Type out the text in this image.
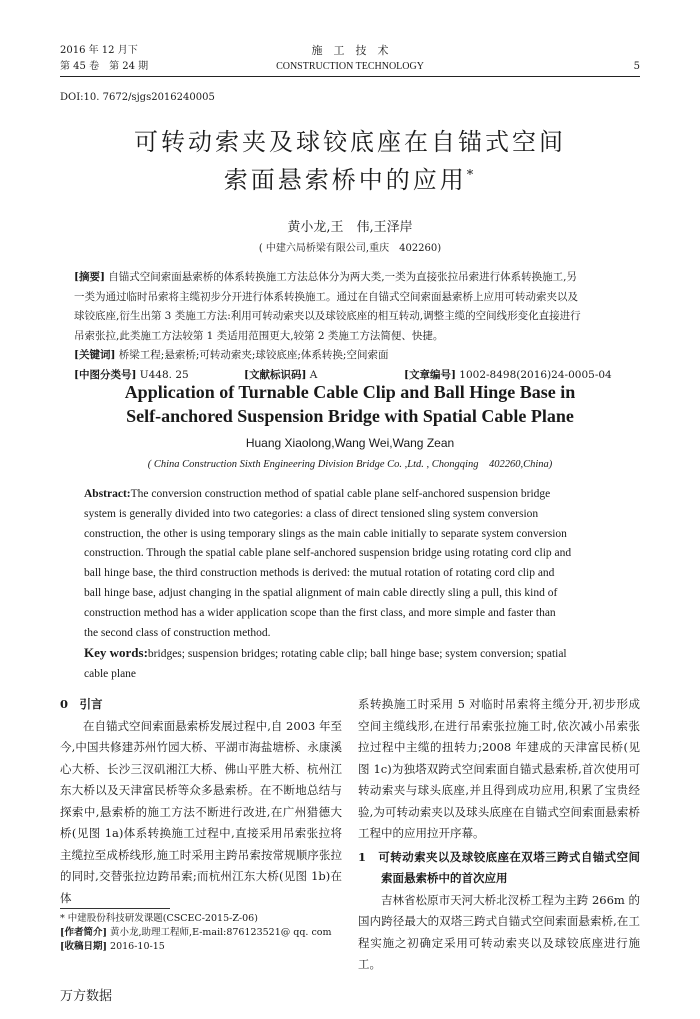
2016 年 12 月下
第 45 卷　第 24 期
施　工　技　术
CONSTRUCTION TECHNOLOGY	5
DOI:10. 7672/sjgs2016240005
可转动索夹及球铰底座在自锚式空间
索面悬索桥中的应用*
黄小龙,王　伟,王泽岸
( 中建六局桥梁有限公司,重庆　402260)
[摘要] 自锚式空间索面悬索桥的体系转换施工方法总体分为两大类,一类为直接张拉吊索进行体系转换施工,另
一类为通过临时吊索将主缆初步分开进行体系转换施工。通过在自锚式空间索面悬索桥上应用可转动索夹以及
球铰底座,衍生出第 3 类施工方法:利用可转动索夹以及球铰底座的相互转动,调整主缆的空间线形变化直接进行
吊索张拉,此类施工方法较第 1 类适用范围更大,较第 2 类施工方法简便、快捷。
[关键词] 桥梁工程;悬索桥;可转动索夹;球铰底座;体系转换;空间索面
[中图分类号] U448. 25	[文献标识码] A	[文章编号] 1002-8498(2016)24-0005-04
Application of Turnable Cable Clip and Ball Hinge Base in
Self-anchored Suspension Bridge with Spatial Cable Plane
Huang Xiaolong,Wang Wei,Wang Zean
( China Construction Sixth Engineering Division Bridge Co. ,Ltd. , Chongqing　402260,China)
Abstract:The conversion construction method of spatial cable plane self-anchored suspension bridge
system is generally divided into two categories: a class of direct tensioned sling system conversion
construction, the other is using temporary slings as the main cable initially to separate system conversion
construction. Through the spatial cable plane self-anchored suspension bridge using rotating cord clip and
ball hinge base, the third construction methods is derived: the mutual rotation of rotating cord clip and
ball hinge base, adjust changing in the spatial alignment of main cable directly sling a pull, this kind of
construction method has a wider application scope than the first class, and more simple and faster than
the second class of construction method.
Key words:bridges; suspension bridges; rotating cable clip; ball hinge base; system conversion; spatial
cable plane

0　引言

在自锚式空间索面悬索桥发展过程中,自 2003 年至今,中国共修建苏州竹园大桥、平湖市海盐塘桥、永康溪心大桥、长沙三汊矶湘江大桥、佛山平胜大桥、杭州江东大桥以及天津富民桥等众多悬索桥。在不断地总结与探索中,悬索桥的施工方法不断进行改进,在广州猎德大桥(见图 1a)体系转换施工过程中,直接采用吊索张拉将主缆拉至成桥线形,施工时采用主跨吊索按常规顺序张拉的同时,交替张拉边跨吊索;而杭州江东大桥(见图 1b)在体

系转换施工时采用 5 对临时吊索将主缆分开,初步形成空间主缆线形,在进行吊索张拉施工时,依次减小吊索张拉过程中主缆的扭转力;2008 年建成的天津富民桥(见图 1c)为独塔双跨式空间索面自锚式悬索桥,首次使用可转动索夹与球头底座,并且得到成功应用,积累了宝贵经验,为可转动索夹以及球头底座在自锚式空间索面悬索桥工程中的应用拉开序幕。

1　可转动索夹以及球铰底座在双塔三跨式自锚式空间索面悬索桥中的首次应用

吉林省松原市天河大桥北汊桥工程为主跨 266m 的国内跨径最大的双塔三跨式自锚式空间索面悬索桥,在工程实施之初确定采用可转动索夹以及球铰底座进行施工。

* 中建股份科技研发课题(CSCEC-2015-Z-06)
[作者简介] 黄小龙,助理工程师,E-mail:876123521@ qq. com
[收稿日期] 2016-10-15
万方数据
